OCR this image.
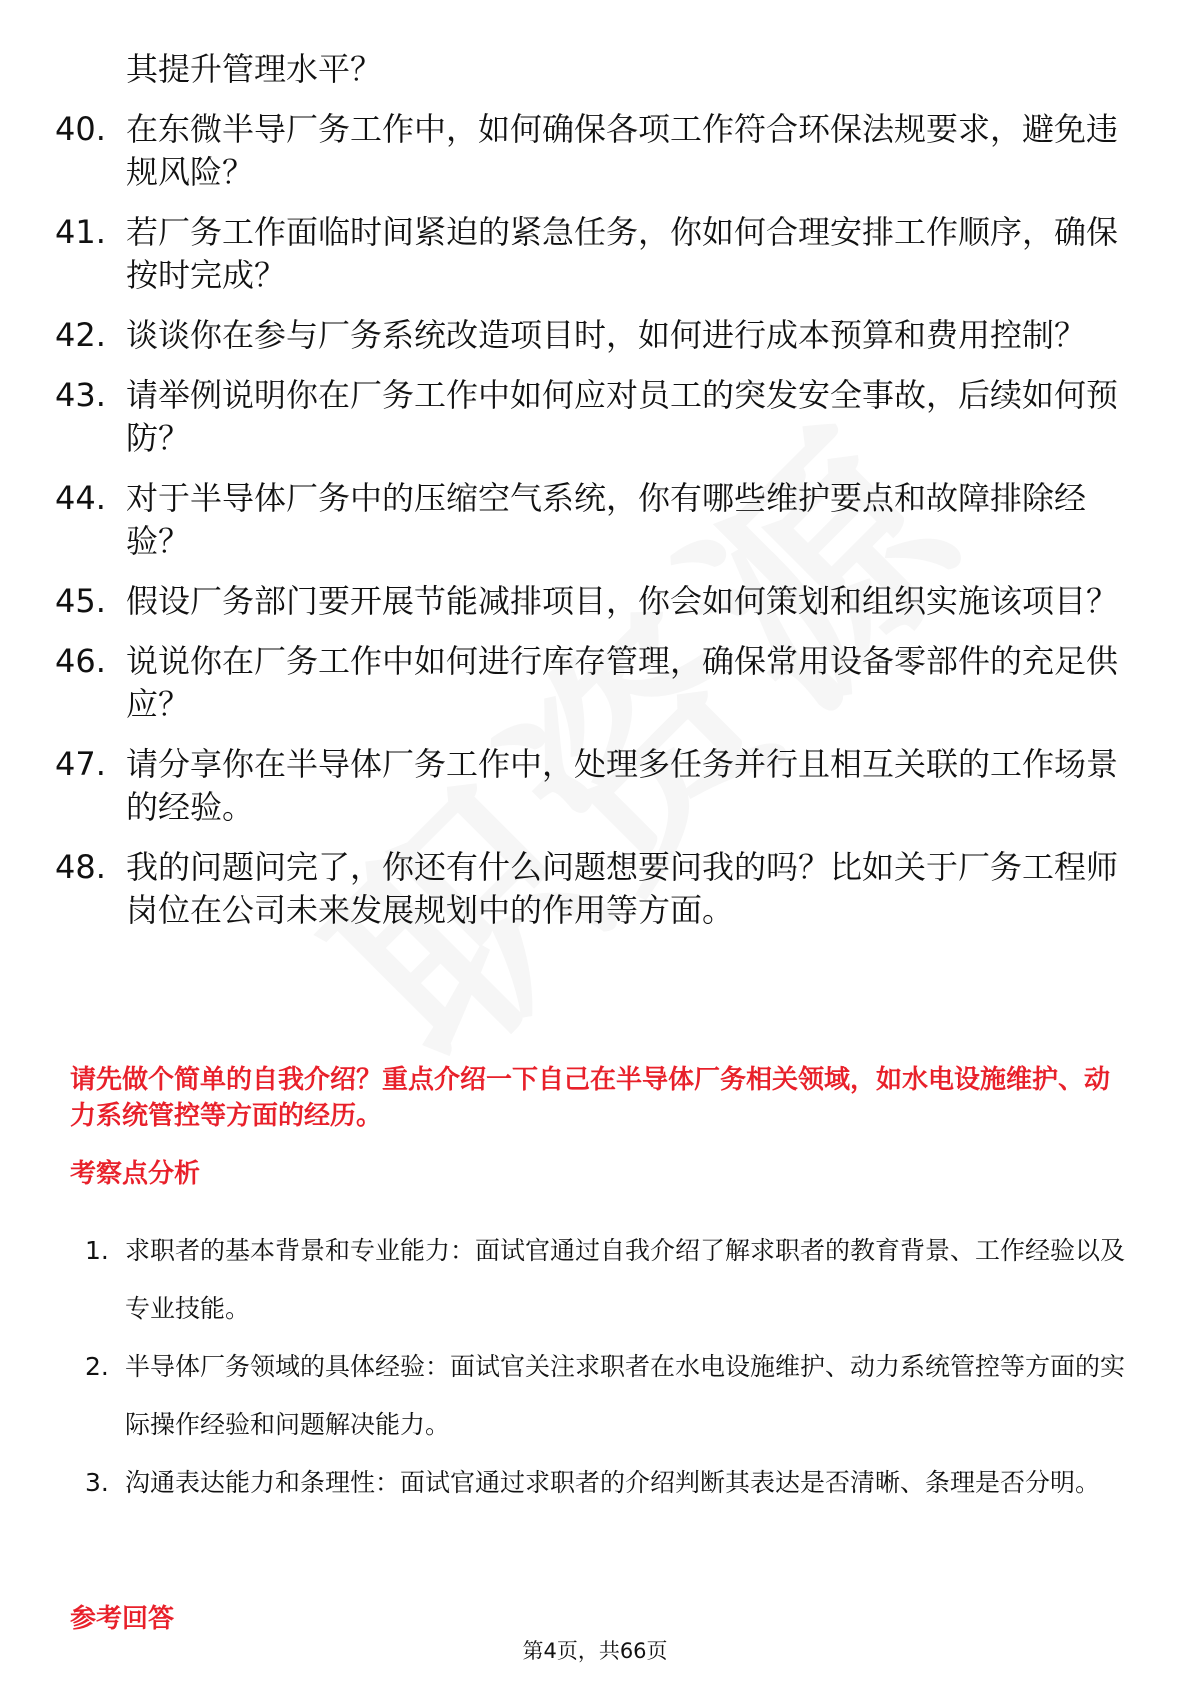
其提升管理水平？
40. 在东微半导厂务工作中，如何确保各项工作符合环保法规要求，避免违规风险？
41. 若厂务工作面临时间紧迫的紧急任务，你如何合理安排工作顺序，确保按时完成？
42. 谈谈你在参与厂务系统改造项目时，如何进行成本预算和费用控制？
43. 请举例说明你在厂务工作中如何应对员工的突发安全事故，后续如何预防？
44. 对于半导体厂务中的压缩空气系统，你有哪些维护要点和故障排除经验？
45. 假设厂务部门要开展节能减排项目，你会如何策划和组织实施该项目？
46. 说说你在厂务工作中如何进行库存管理，确保常用设备零部件的充足供应？
47. 请分享你在半导体厂务工作中，处理多任务并行且相互关联的工作场景的经验。
48. 我的问题问完了，你还有什么问题想要问我的吗？比如关于厂务工程师岗位在公司未来发展规划中的作用等方面。
请先做个简单的自我介绍？重点介绍一下自己在半导体厂务相关领域，如水电设施维护、动力系统管控等方面的经历。
考察点分析
1. 求职者的基本背景和专业能力：面试官通过自我介绍了解求职者的教育背景、工作经验以及专业技能。
2. 半导体厂务领域的具体经验：面试官关注求职者在水电设施维护、动力系统管控等方面的实际操作经验和问题解决能力。
3. 沟通表达能力和条理性：面试官通过求职者的介绍判断其表达是否清晰、条理是否分明。
参考回答
第4页，共66页
